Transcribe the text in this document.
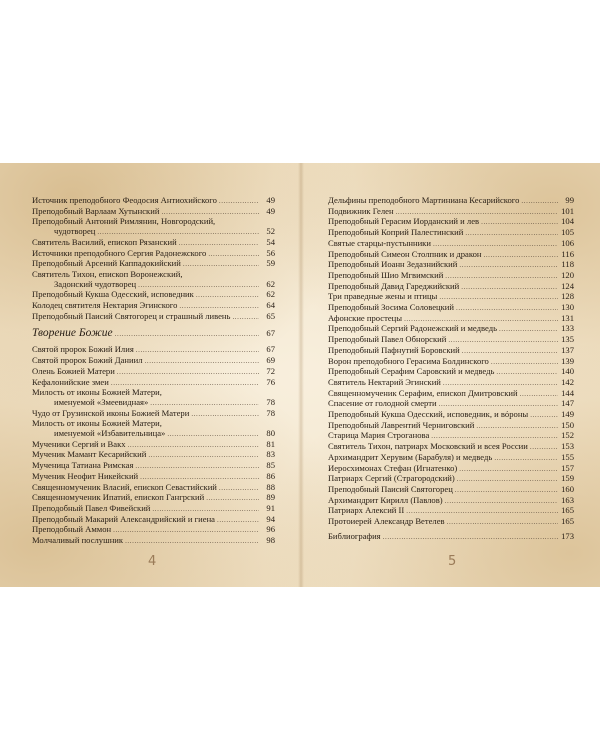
Источник преподобного Феодосия Антиохийского .....	49
Преподобный Варлаам Хутынский .....	49
Преподобный Антоний Римлянин, Новгородский,
чудотворец .....	52
Святитель Василий, епископ Рязанский .....	54
Источники преподобного Сергия Радонежского .....	56
Преподобный Арсений Каппадокийский .....	59
Святитель Тихон, епископ Воронежский,
Задонский чудотворец .....	62
Преподобный Кукша Одесский, исповедник .....	62
Колодец святителя Нектария Эгинского .....	64
Преподобный Паисий Святогорец и страшный ливень .....	65
Творение Божие .....	67
Святой пророк Божий Илия .....	67
Святой пророк Божий Даниил .....	69
Олень Божией Матери .....	72
Кефалонийские змеи .....	76
Милость от иконы Божией Матери,
именуемой «Змеевидная» .....	78
Чудо от Грузинской иконы Божией Матери .....	78
Милость от иконы Божией Матери,
именуемой «Избавительница» .....	80
Мученики Сергий и Вакх .....	81
Мученик Мамант Кесарийский .....	83
Мученица Татиана Римская .....	85
Мученик Неофит Никейский .....	86
Священномученик Власий, епископ Севастийский .....	88
Священномученик Ипатий, епископ Гангрский .....	89
Преподобный Павел Фивейский .....	91
Преподобный Макарий Александрийский и гиена .....	94
Преподобный Аммон .....	96
Молчаливый послушник .....	98
4
Дельфины преподобного Мартиниана Кесарийского .....	99
Подвижник Гелен .....	101
Преподобный Герасим Иорданский и лев .....	104
Преподобный Коприй Палестинский .....	105
Святые старцы-пустынники .....	106
Преподобный Симеон Столпник и дракон .....	116
Преподобный Иоанн Зедазнийский .....	118
Преподобный Шио Мгвимский .....	120
Преподобный Давид Гареджийский .....	124
Три праведные жены и птицы .....	128
Преподобный Зосима Соловецкий .....	130
Афонские простецы .....	131
Преподобный Сергий Радонежский и медведь .....	133
Преподобный Павел Обнорский .....	135
Преподобный Пафнутий Боровский .....	137
Ворон преподобного Герасима Болдинского .....	139
Преподобный Серафим Саровский и медведь .....	140
Святитель Нектарий Эгинский .....	142
Священномученик Серафим, епископ Дмитровский .....	144
Спасение от голодной смерти .....	147
Преподобный Кукша Одесский, исповедник, и вόроны .....	149
Преподобный Лаврентий Черниговский .....	150
Старица Мария Строганова .....	152
Святитель Тихон, патриарх Московский и всея России .....	153
Архимандрит Херувим (Барабуля) и медведь .....	155
Иеросхимонах Стефан (Игнатенко) .....	157
Патриарх Сергий (Страгородский) .....	159
Преподобный Паисий Святогорец .....	160
Архимандрит Кирилл (Павлов) .....	163
Патриарх Алексий II .....	165
Протоиерей Александр Ветелев .....	165
Библиография .....	173
5
